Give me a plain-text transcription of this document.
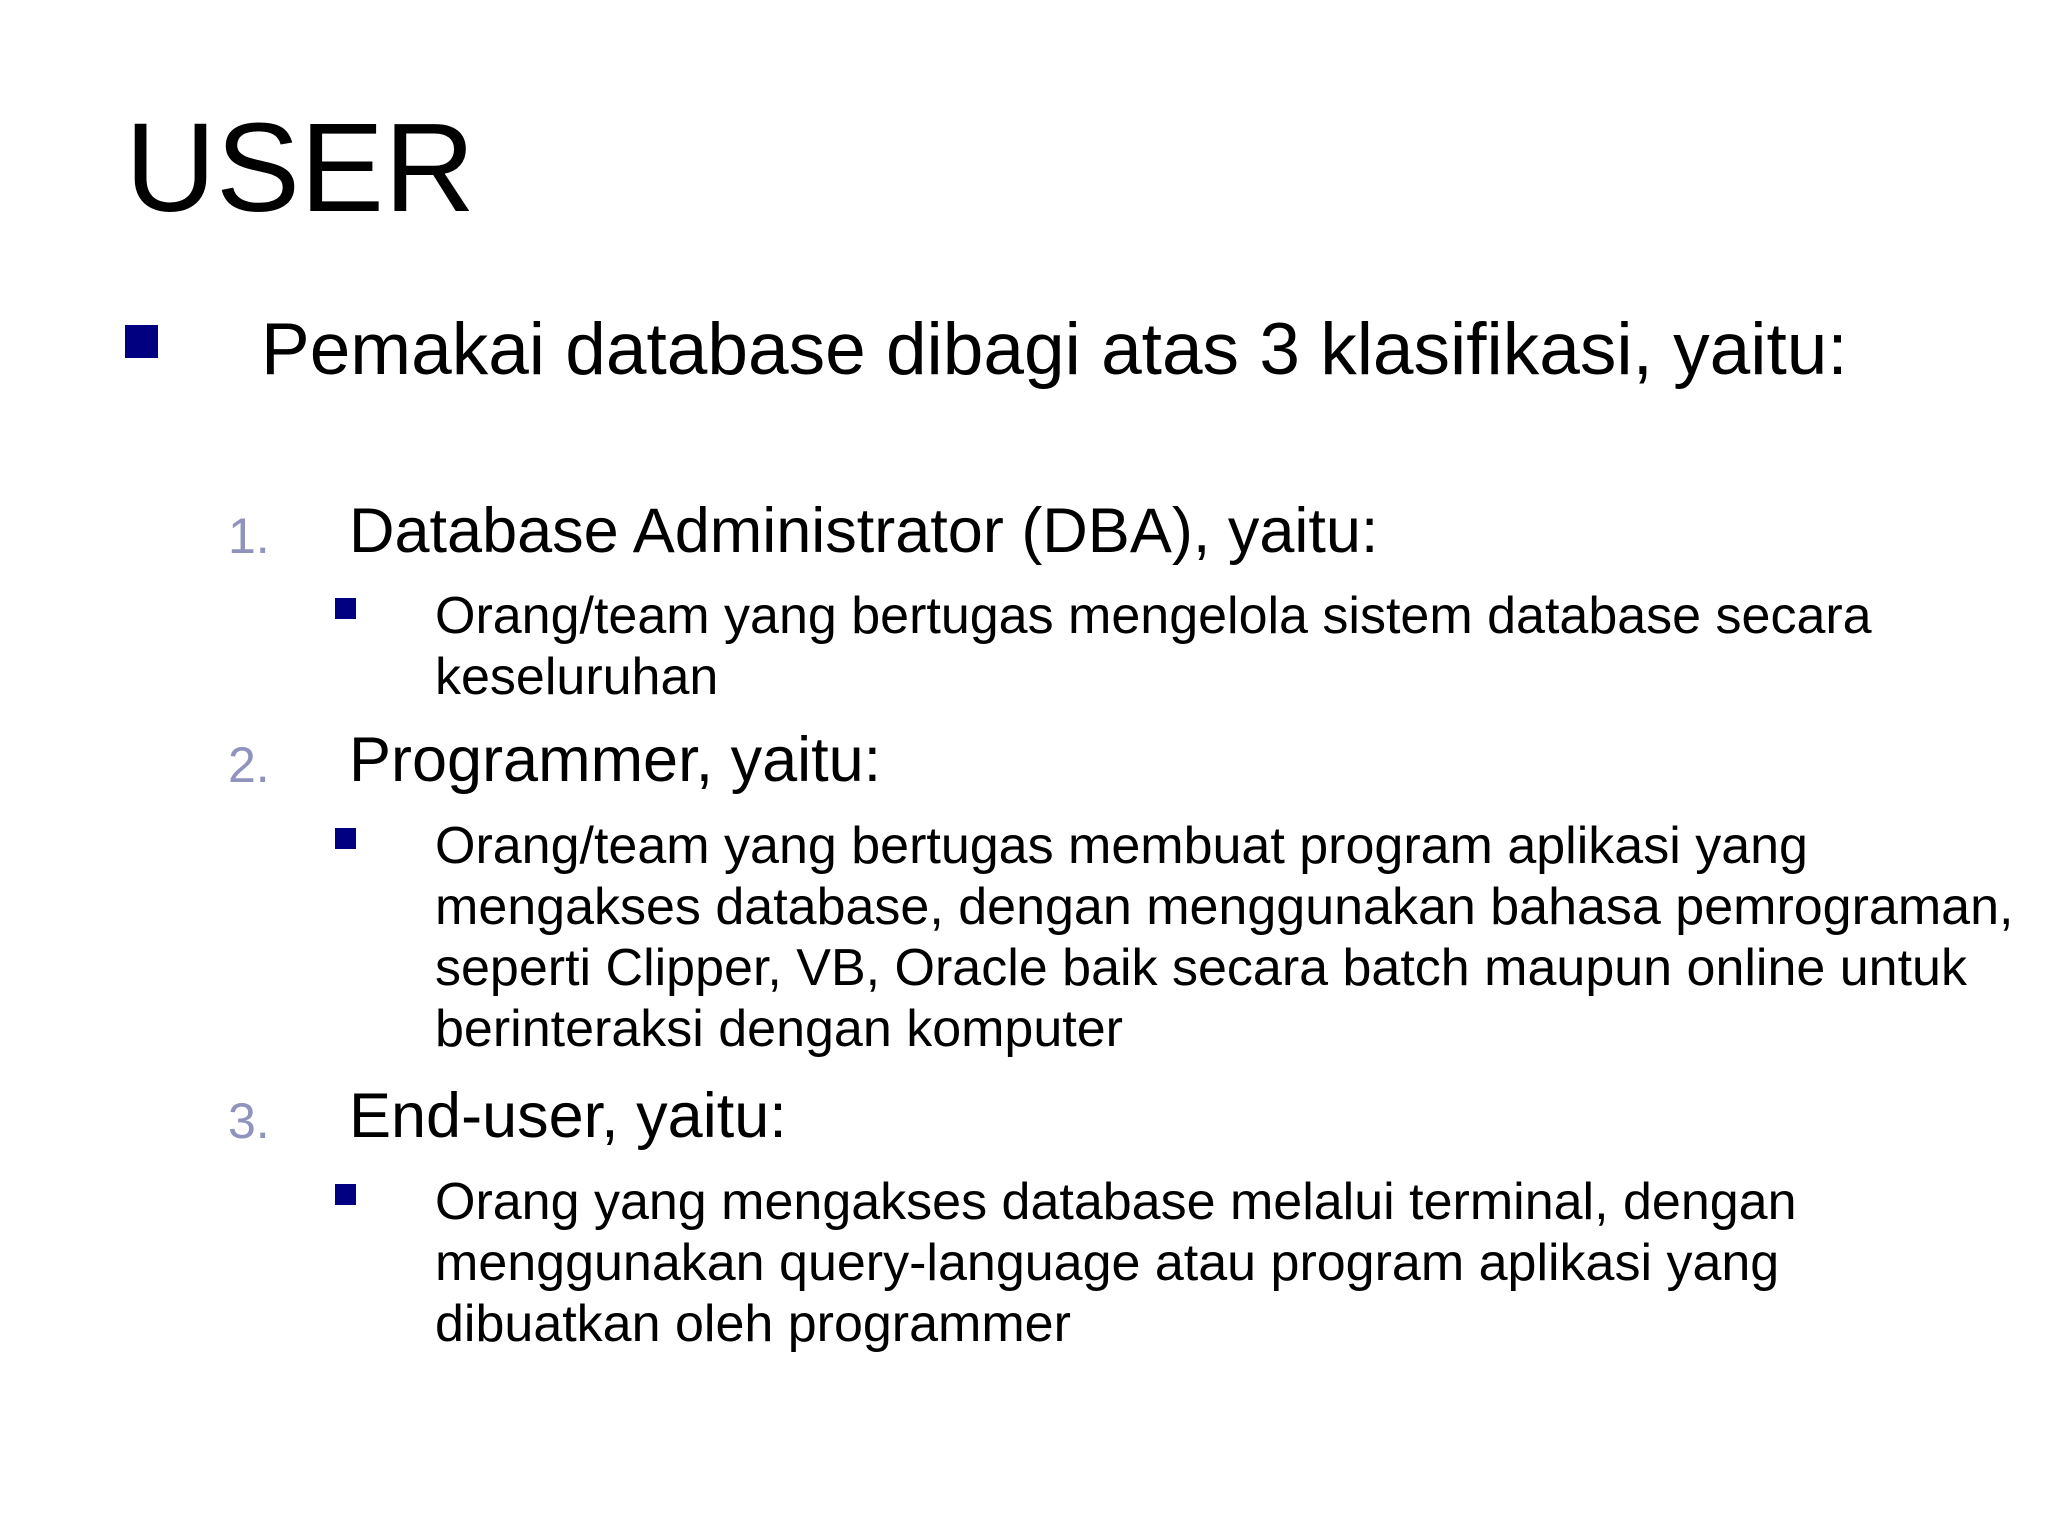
USER
Pemakai database dibagi atas 3 klasifikasi, yaitu:
1. Database Administrator (DBA), yaitu:
Orang/team yang bertugas mengelola sistem database secara keseluruhan
2. Programmer, yaitu:
Orang/team yang bertugas membuat program aplikasi yang mengakses database, dengan menggunakan bahasa pemrograman, seperti Clipper, VB, Oracle baik secara batch maupun online untuk berinteraksi dengan komputer
3. End-user, yaitu:
Orang yang mengakses database melalui terminal, dengan menggunakan query-language atau program aplikasi yang dibuatkan oleh programmer
